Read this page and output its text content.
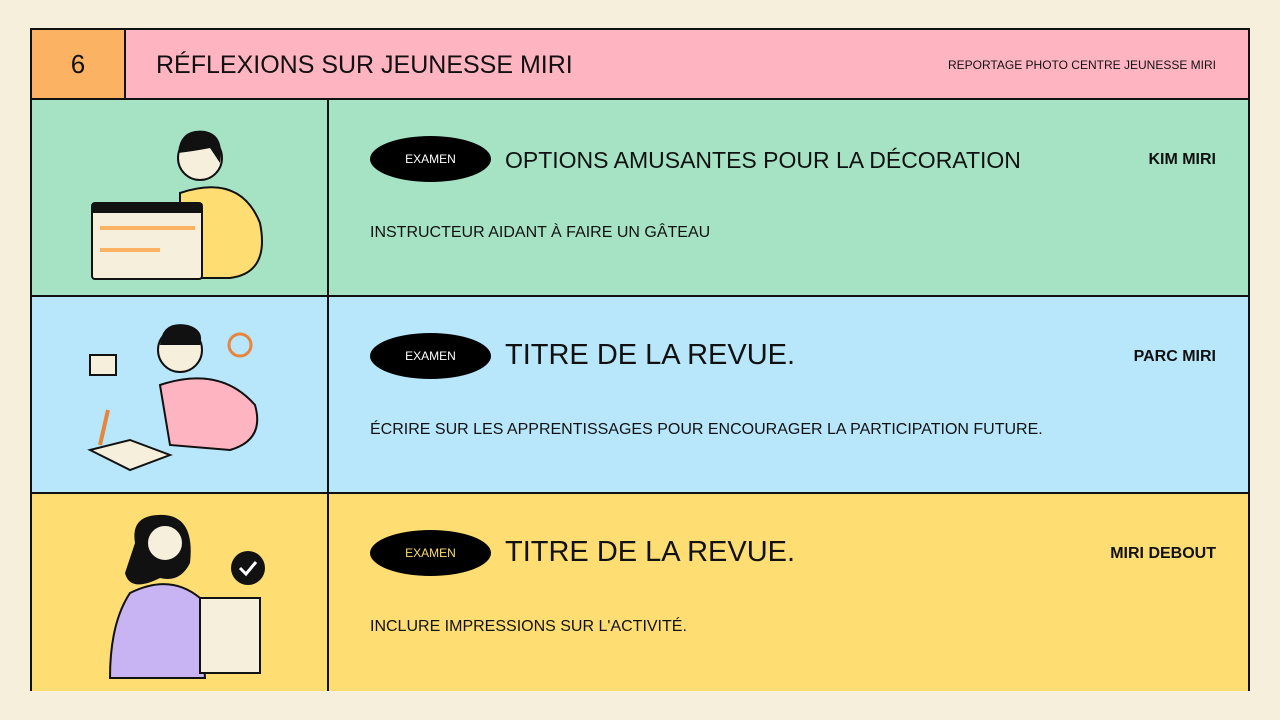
6	RÉFLEXIONS SUR JEUNESSE MIRI	REPORTAGE PHOTO CENTRE JEUNESSE MIRI
EXAMEN	OPTIONS AMUSANTES POUR LA DÉCORATION	KIM MIRI
INSTRUCTEUR AIDANT À FAIRE UN GÂTEAU
EXAMEN	TITRE DE LA REVUE.	PARC MIRI
ÉCRIRE SUR LES APPRENTISSAGES POUR ENCOURAGER LA PARTICIPATION FUTURE.
EXAMEN	TITRE DE LA REVUE.	MIRI DEBOUT
INCLURE IMPRESSIONS SUR L'ACTIVITÉ.
